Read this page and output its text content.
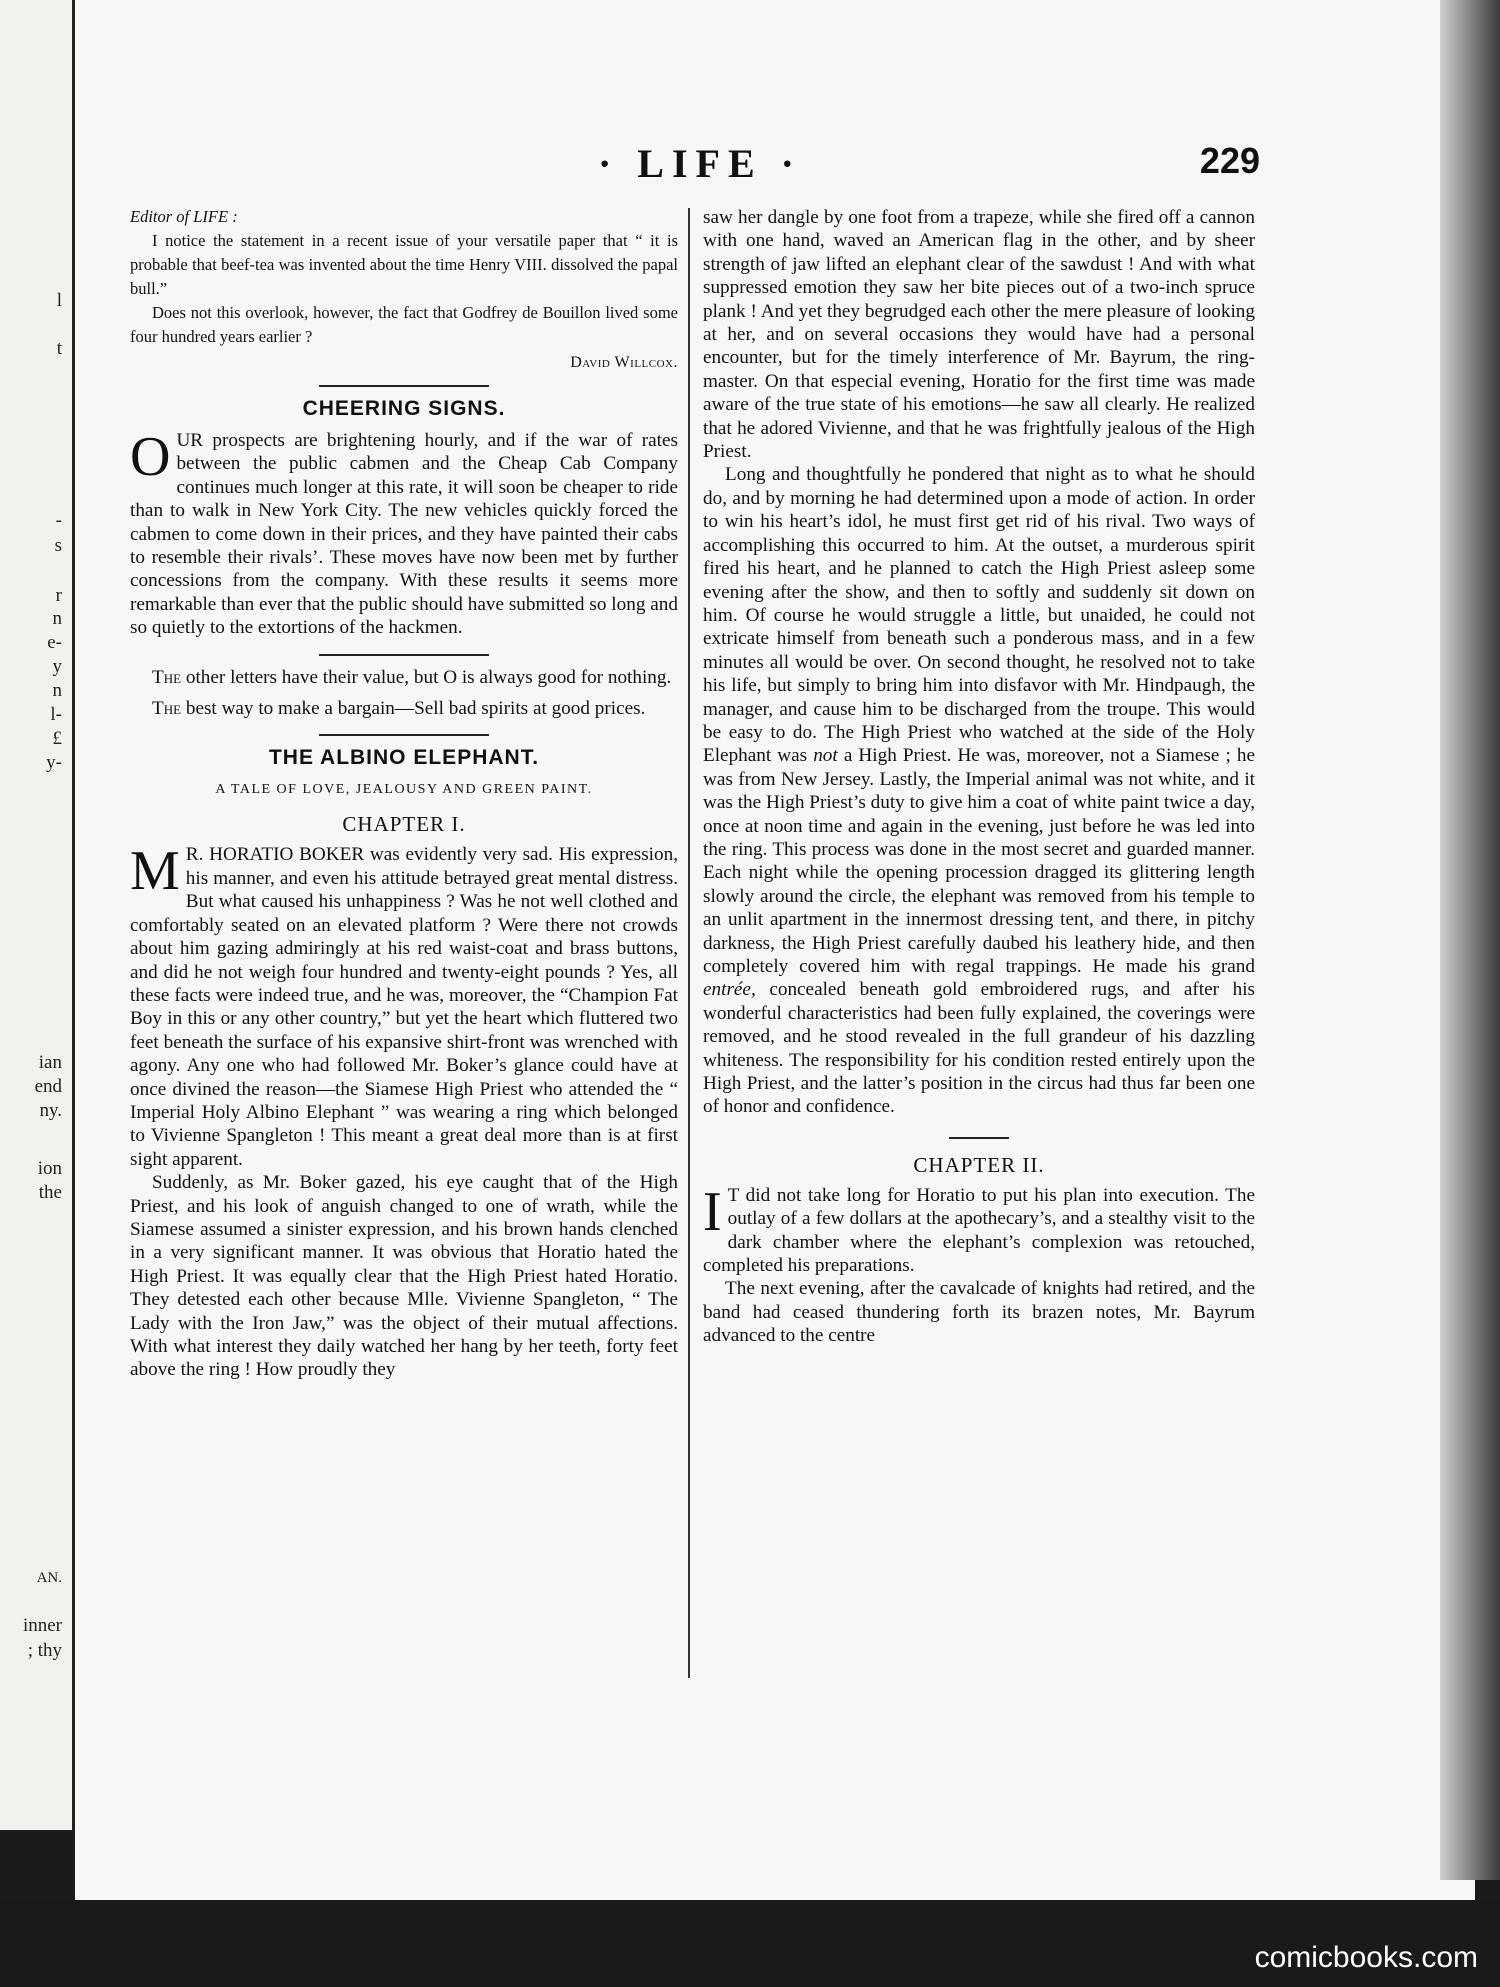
l
t
-
s
r
n
e-
y
n
l-
£
y-
ian
end
ny.
ion
the
AN.
inner
; thy
· LIFE ·	229

Editor of LIFE :

I notice the statement in a recent issue of your versatile paper that “ it is probable that beef-tea was invented about the time Henry VIII. dissolved the papal bull.”

Does not this overlook, however, the fact that Godfrey de Bouillon lived some four hundred years earlier ?

David Willcox.

CHEERING SIGNS.

OUR prospects are brightening hourly, and if the war of rates between the public cabmen and the Cheap Cab Company continues much longer at this rate, it will soon be cheaper to ride than to walk in New York City. The new vehicles quickly forced the cabmen to come down in their prices, and they have painted their cabs to resemble their rivals’. These moves have now been met by further concessions from the company. With these results it seems more remarkable than ever that the public should have submitted so long and so quietly to the extortions of the hackmen.

The other letters have their value, but O is always good for nothing.

The best way to make a bargain—Sell bad spirits at good prices.

THE ALBINO ELEPHANT.
A TALE OF LOVE, JEALOUSY AND GREEN PAINT.
CHAPTER I.

M R. HORATIO BOKER was evidently very sad. His expression, his manner, and even his attitude betrayed great mental distress. But what caused his unhappiness ? Was he not well clothed and comfortably seated on an elevated platform ? Were there not crowds about him gazing admiringly at his red waist-coat and brass buttons, and did he not weigh four hundred and twenty-eight pounds ? Yes, all these facts were indeed true, and he was, moreover, the “Champion Fat Boy in this or any other country,” but yet the heart which fluttered two feet beneath the surface of his expansive shirt-front was wrenched with agony. Any one who had followed Mr. Boker’s glance could have at once divined the reason—the Siamese High Priest who attended the “ Imperial Holy Albino Elephant ” was wearing a ring which belonged to Vivienne Spangleton ! This meant a great deal more than is at first sight apparent.

Suddenly, as Mr. Boker gazed, his eye caught that of the High Priest, and his look of anguish changed to one of wrath, while the Siamese assumed a sinister expression, and his brown hands clenched in a very significant manner. It was obvious that Horatio hated the High Priest. It was equally clear that the High Priest hated Horatio. They detested each other because Mlle. Vivienne Spangleton, “ The Lady with the Iron Jaw,” was the object of their mutual affections. With what interest they daily watched her hang by her teeth, forty feet above the ring ! How proudly they

saw her dangle by one foot from a trapeze, while she fired off a cannon with one hand, waved an American flag in the other, and by sheer strength of jaw lifted an elephant clear of the sawdust ! And with what suppressed emotion they saw her bite pieces out of a two-inch spruce plank ! And yet they begrudged each other the mere pleasure of looking at her, and on several occasions they would have had a personal encounter, but for the timely interference of Mr. Bayrum, the ring-master. On that especial evening, Horatio for the first time was made aware of the true state of his emotions—he saw all clearly. He realized that he adored Vivienne, and that he was frightfully jealous of the High Priest.

Long and thoughtfully he pondered that night as to what he should do, and by morning he had determined upon a mode of action. In order to win his heart’s idol, he must first get rid of his rival. Two ways of accomplishing this occurred to him. At the outset, a murderous spirit fired his heart, and he planned to catch the High Priest asleep some evening after the show, and then to softly and suddenly sit down on him. Of course he would struggle a little, but unaided, he could not extricate himself from beneath such a ponderous mass, and in a few minutes all would be over. On second thought, he resolved not to take his life, but simply to bring him into disfavor with Mr. Hindpaugh, the manager, and cause him to be discharged from the troupe. This would be easy to do. The High Priest who watched at the side of the Holy Elephant was not a High Priest. He was, moreover, not a Siamese ; he was from New Jersey. Lastly, the Imperial animal was not white, and it was the High Priest’s duty to give him a coat of white paint twice a day, once at noon time and again in the evening, just before he was led into the ring. This process was done in the most secret and guarded manner. Each night while the opening procession dragged its glittering length slowly around the circle, the elephant was removed from his temple to an unlit apartment in the innermost dressing tent, and there, in pitchy darkness, the High Priest carefully daubed his leathery hide, and then completely covered him with regal trappings. He made his grand entrée, concealed beneath gold embroidered rugs, and after his wonderful characteristics had been fully explained, the coverings were removed, and he stood revealed in the full grandeur of his dazzling whiteness. The responsibility for his condition rested entirely upon the High Priest, and the latter’s position in the circus had thus far been one of honor and confidence.

CHAPTER II.

I T did not take long for Horatio to put his plan into execution. The outlay of a few dollars at the apothecary’s, and a stealthy visit to the dark chamber where the elephant’s complexion was retouched, completed his preparations.

The next evening, after the cavalcade of knights had retired, and the band had ceased thundering forth its brazen notes, Mr. Bayrum advanced to the centre

comicbooks.com
